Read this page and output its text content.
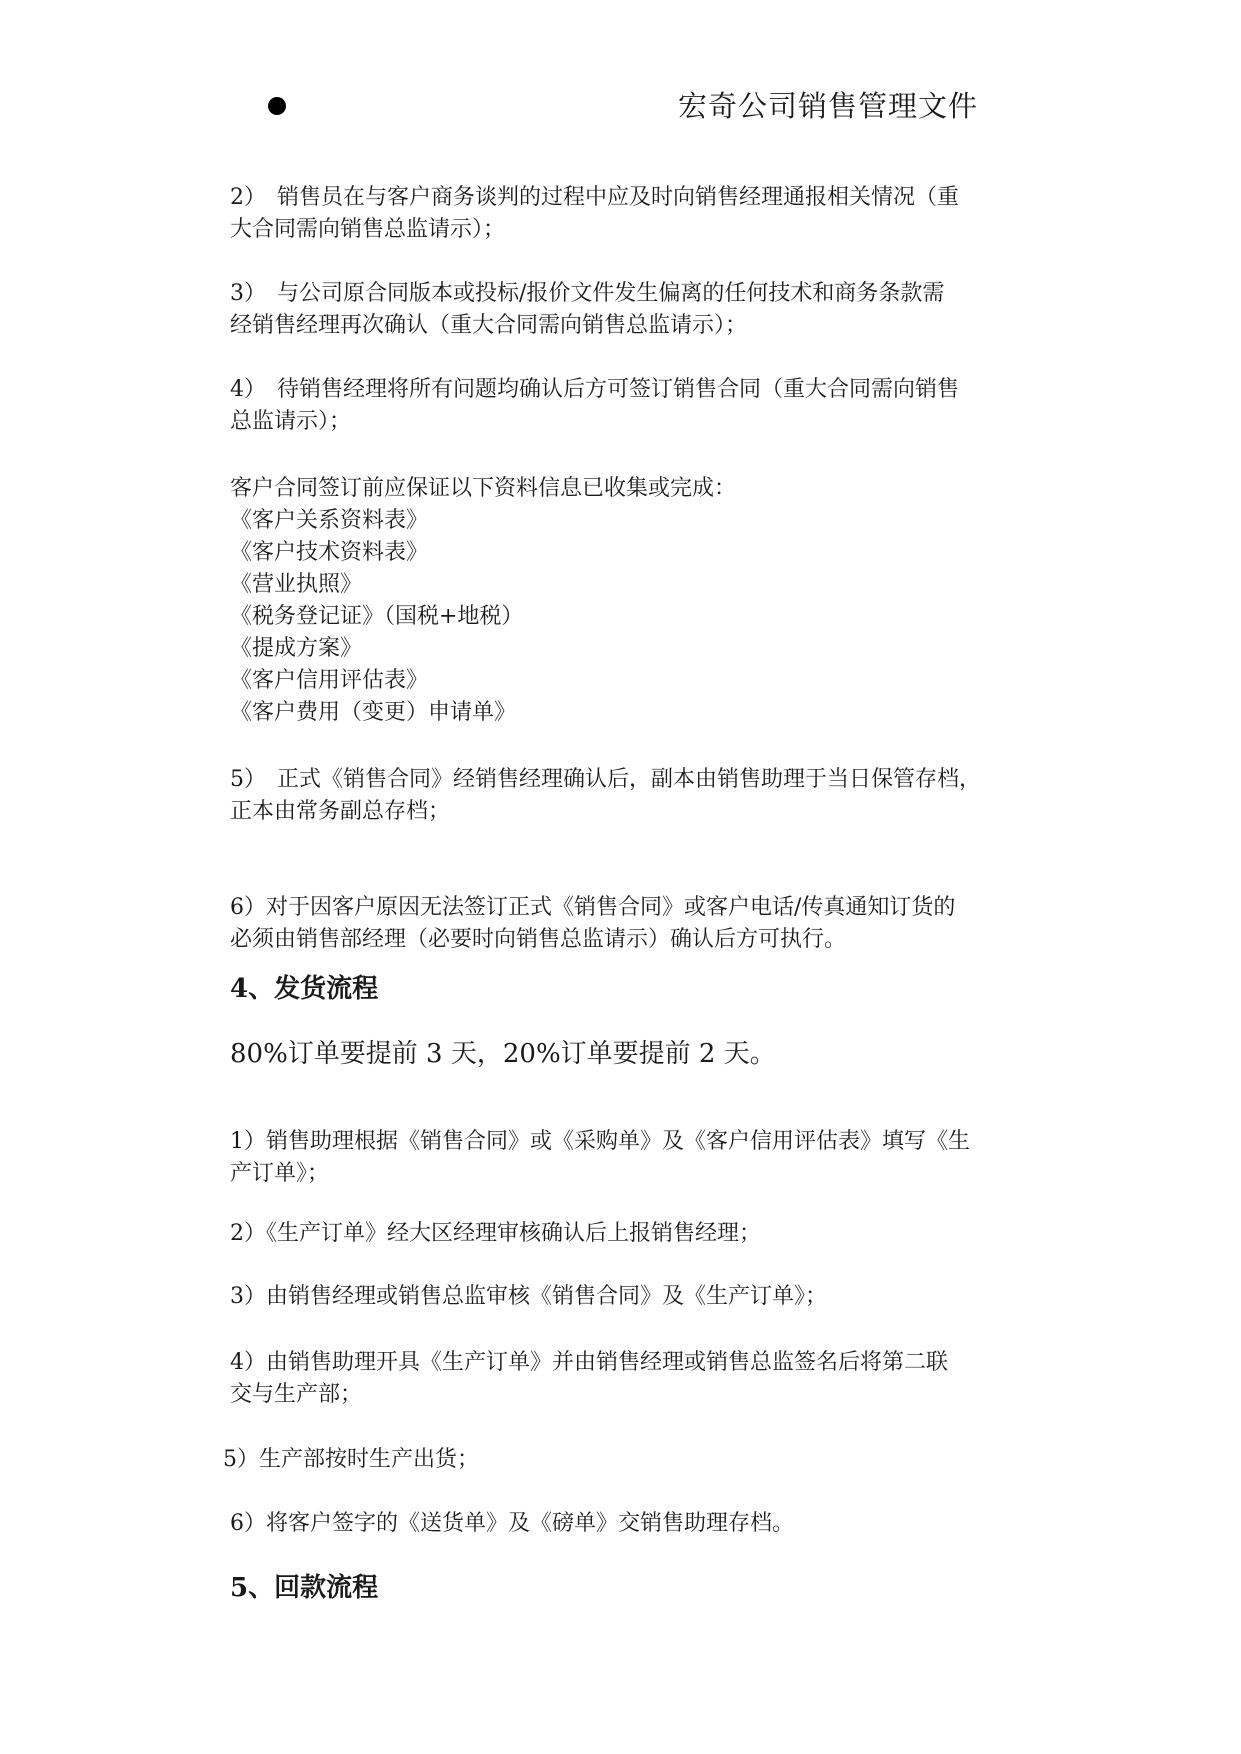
宏奇公司销售管理文件

2）　销售员在与客户商务谈判的过程中应及时向销售经理通报相关情况（重
大合同需向销售总监请示）；

3）　与公司原合同版本或投标/报价文件发生偏离的任何技术和商务条款需
经销售经理再次确认（重大合同需向销售总监请示）；

4）　待销售经理将所有问题均确认后方可签订销售合同（重大合同需向销售
总监请示）；

客户合同签订前应保证以下资料信息已收集或完成：
《客户关系资料表》
《客户技术资料表》
《营业执照》
《税务登记证》（国税+地税）
《提成方案》
《客户信用评估表》
《客户费用（变更）申请单》

5）　正式《销售合同》经销售经理确认后，副本由销售助理于当日保管存档，
正本由常务副总存档；

6）对于因客户原因无法签订正式《销售合同》或客户电话/传真通知订货的
必须由销售部经理（必要时向销售总监请示）确认后方可执行。

4、发货流程
80%订单要提前 3 天，20%订单要提前 2 天。

1）销售助理根据《销售合同》或《采购单》及《客户信用评估表》填写《生
产订单》；

2）《生产订单》经大区经理审核确认后上报销售经理；

3）由销售经理或销售总监审核《销售合同》及《生产订单》；

4）由销售助理开具《生产订单》并由销售经理或销售总监签名后将第二联
交与生产部；

5）生产部按时生产出货；

6）将客户签字的《送货单》及《磅单》交销售助理存档。

5、回款流程
